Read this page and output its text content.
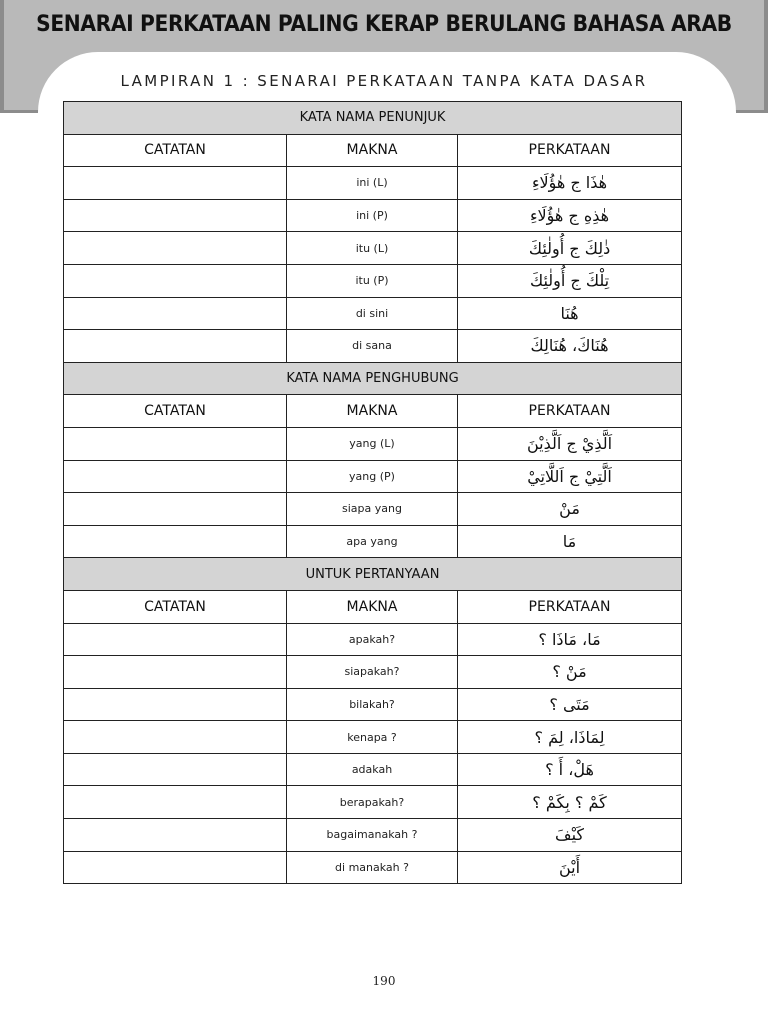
SENARAI PERKATAAN PALING KERAP BERULANG BAHASA ARAB
LAMPIRAN 1 : SENARAI PERKATAAN TANPA KATA DASAR
KATA NAMA PENUNJUK		
CATATAN	MAKNA	PERKATAAN
	ini (L)	هٰذَا ج هٰؤُلَاءِ
	ini (P)	هٰذِهِ ج هٰؤُلَاءِ
	itu (L)	ذٰلِكَ ج أُولٰئِكَ
	itu (P)	تِلْكَ ج أُولٰئِكَ
	di sini	هُنَا
	di sana	هُنَاكَ، هُنَالِكَ
KATA NAMA PENGHUBUNG		
CATATAN	MAKNA	PERKATAAN
	yang (L)	اَلَّذِيْ ج اَلَّذِيْنَ
	yang (P)	اَلَّتِيْ ج اَللَّاتِيْ
	siapa yang	مَنْ
	apa yang	مَا
UNTUK PERTANYAAN		
CATATAN	MAKNA	PERKATAAN
	apakah?	مَا، مَاذَا ؟
	siapakah?	مَنْ ؟
	bilakah?	مَتَى ؟
	kenapa ?	لِمَاذَا، لِمَ ؟
	adakah	هَلْ، أَ ؟
	berapakah?	كَمْ ؟ بِكَمْ ؟
	bagaimanakah ?	كَيْفَ
	di manakah ?	أَيْنَ
190
